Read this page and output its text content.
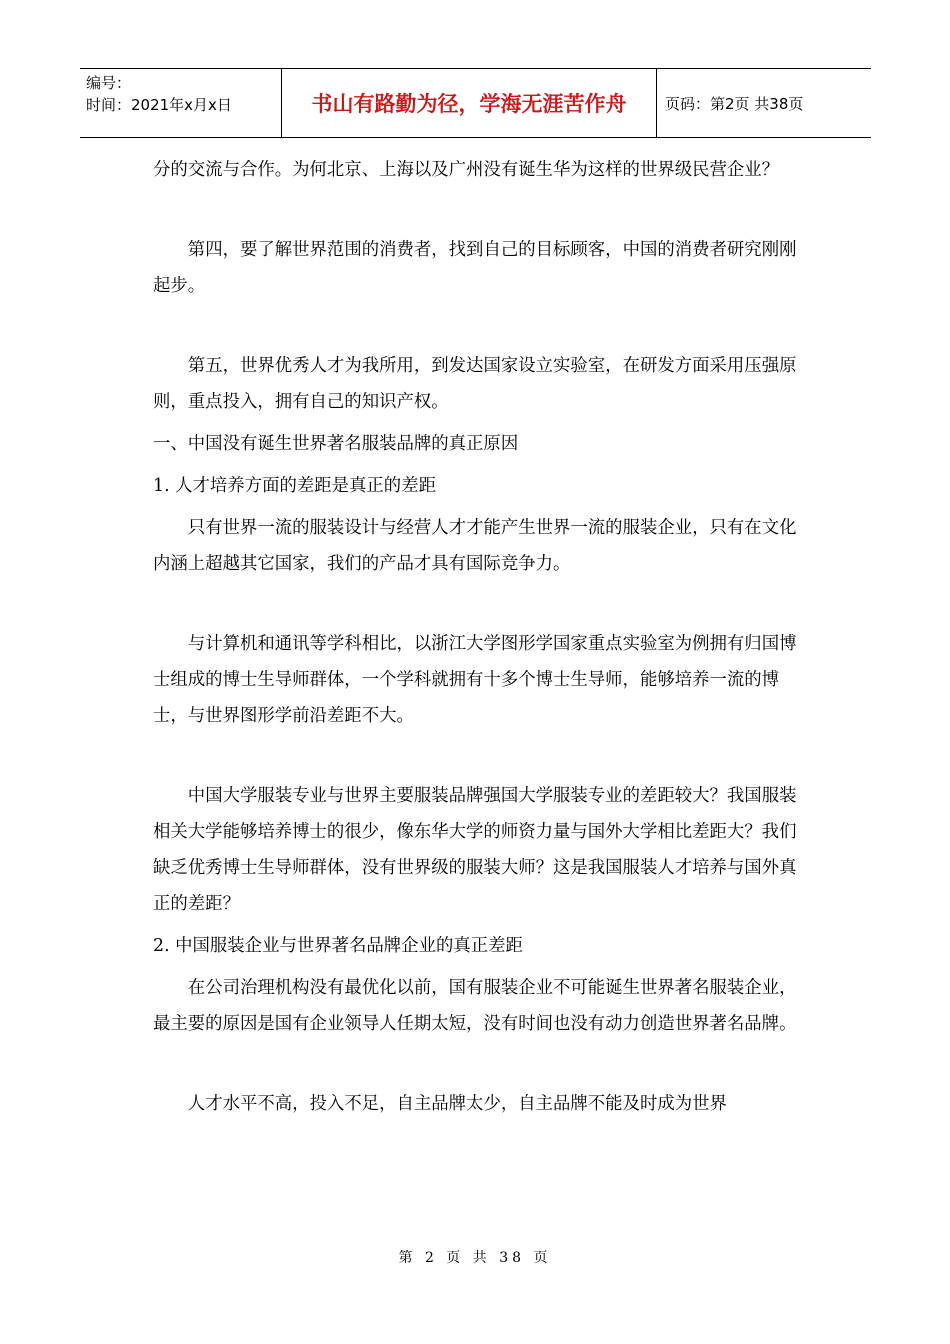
编号：
时间：2021年x月x日	书山有路勤为径，学海无涯苦作舟	页码：第2页 共38页

分的交流与合作。为何北京、上海以及广州没有诞生华为这样的世界级民营企业？

第四，要了解世界范围的消费者，找到自己的目标顾客，中国的消费者研究刚刚起步。

第五，世界优秀人才为我所用，到发达国家设立实验室，在研发方面采用压强原则，重点投入，拥有自己的知识产权。

一、中国没有诞生世界著名服装品牌的真正原因

1. 人才培养方面的差距是真正的差距

只有世界一流的服装设计与经营人才才能产生世界一流的服装企业，只有在文化内涵上超越其它国家，我们的产品才具有国际竞争力。

与计算机和通讯等学科相比，以浙江大学图形学国家重点实验室为例拥有归国博士组成的博士生导师群体，一个学科就拥有十多个博士生导师，能够培养一流的博士，与世界图形学前沿差距不大。

中国大学服装专业与世界主要服装品牌强国大学服装专业的差距较大？我国服装相关大学能够培养博士的很少，像东华大学的师资力量与国外大学相比差距大？我们缺乏优秀博士生导师群体，没有世界级的服装大师？这是我国服装人才培养与国外真正的差距？

2. 中国服装企业与世界著名品牌企业的真正差距

在公司治理机构没有最优化以前，国有服装企业不可能诞生世界著名服装企业，最主要的原因是国有企业领导人任期太短，没有时间也没有动力创造世界著名品牌。

人才水平不高，投入不足，自主品牌太少，自主品牌不能及时成为世界

第 2 页 共 38 页
